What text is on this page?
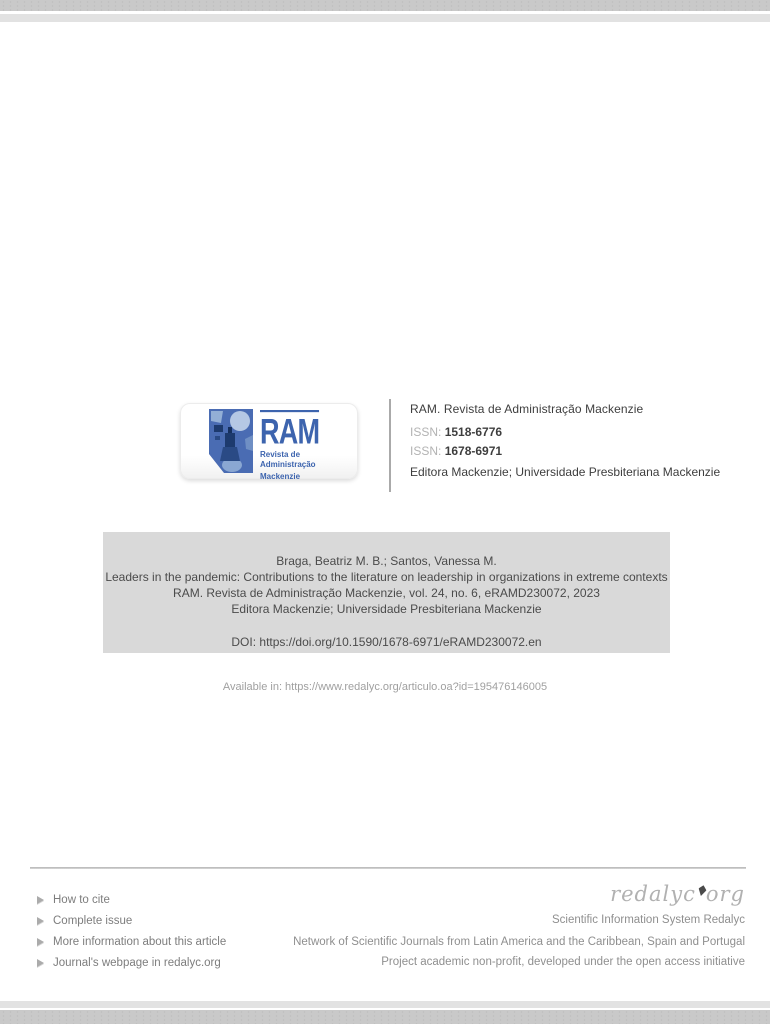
RAM
Revista de Administração
Mackenzie
RAM. Revista de Administração Mackenzie
ISSN: 1518-6776
ISSN: 1678-6971
Editora Mackenzie; Universidade Presbiteriana Mackenzie
Braga, Beatriz M. B.; Santos, Vanessa M.
Leaders in the pandemic: Contributions to the literature on leadership in organizations in extreme contexts
RAM. Revista de Administração Mackenzie, vol. 24, no. 6, eRAMD230072, 2023
Editora Mackenzie; Universidade Presbiteriana Mackenzie
DOI: https://doi.org/10.1590/1678-6971/eRAMD230072.en
Available in: https://www.redalyc.org/articulo.oa?id=195476146005
How to cite
Complete issue
More information about this article
Journal's webpage in redalyc.org
redalyc org
Scientific Information System Redalyc
Network of Scientific Journals from Latin America and the Caribbean, Spain and Portugal
Project academic non-profit, developed under the open access initiative
